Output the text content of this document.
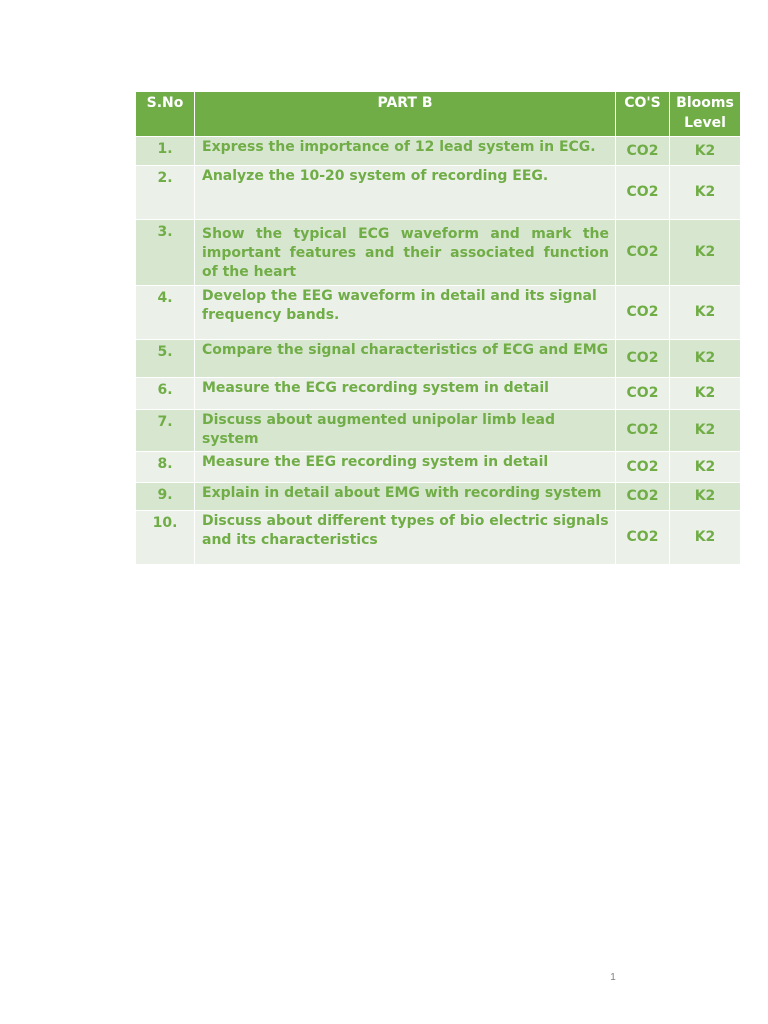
S.No	PART B	CO'S	Blooms Level
1.	Express the importance of 12 lead system in ECG.	CO2	K2
2.	Analyze the 10-20 system of recording EEG.	CO2	K2
3.	Show the typical ECG waveform and mark the important features and their associated function of the heart	CO2	K2
4.	Develop the EEG waveform in detail and its signal frequency bands.	CO2	K2
5.	Compare the signal characteristics of ECG and EMG	CO2	K2
6.	Measure the ECG recording system in detail	CO2	K2
7.	Discuss about augmented unipolar limb lead system	CO2	K2
8.	Measure the EEG recording system in detail	CO2	K2
9.	Explain in detail about EMG with recording system	CO2	K2
10.	Discuss about different types of bio electric signals and its characteristics	CO2	K2
1
